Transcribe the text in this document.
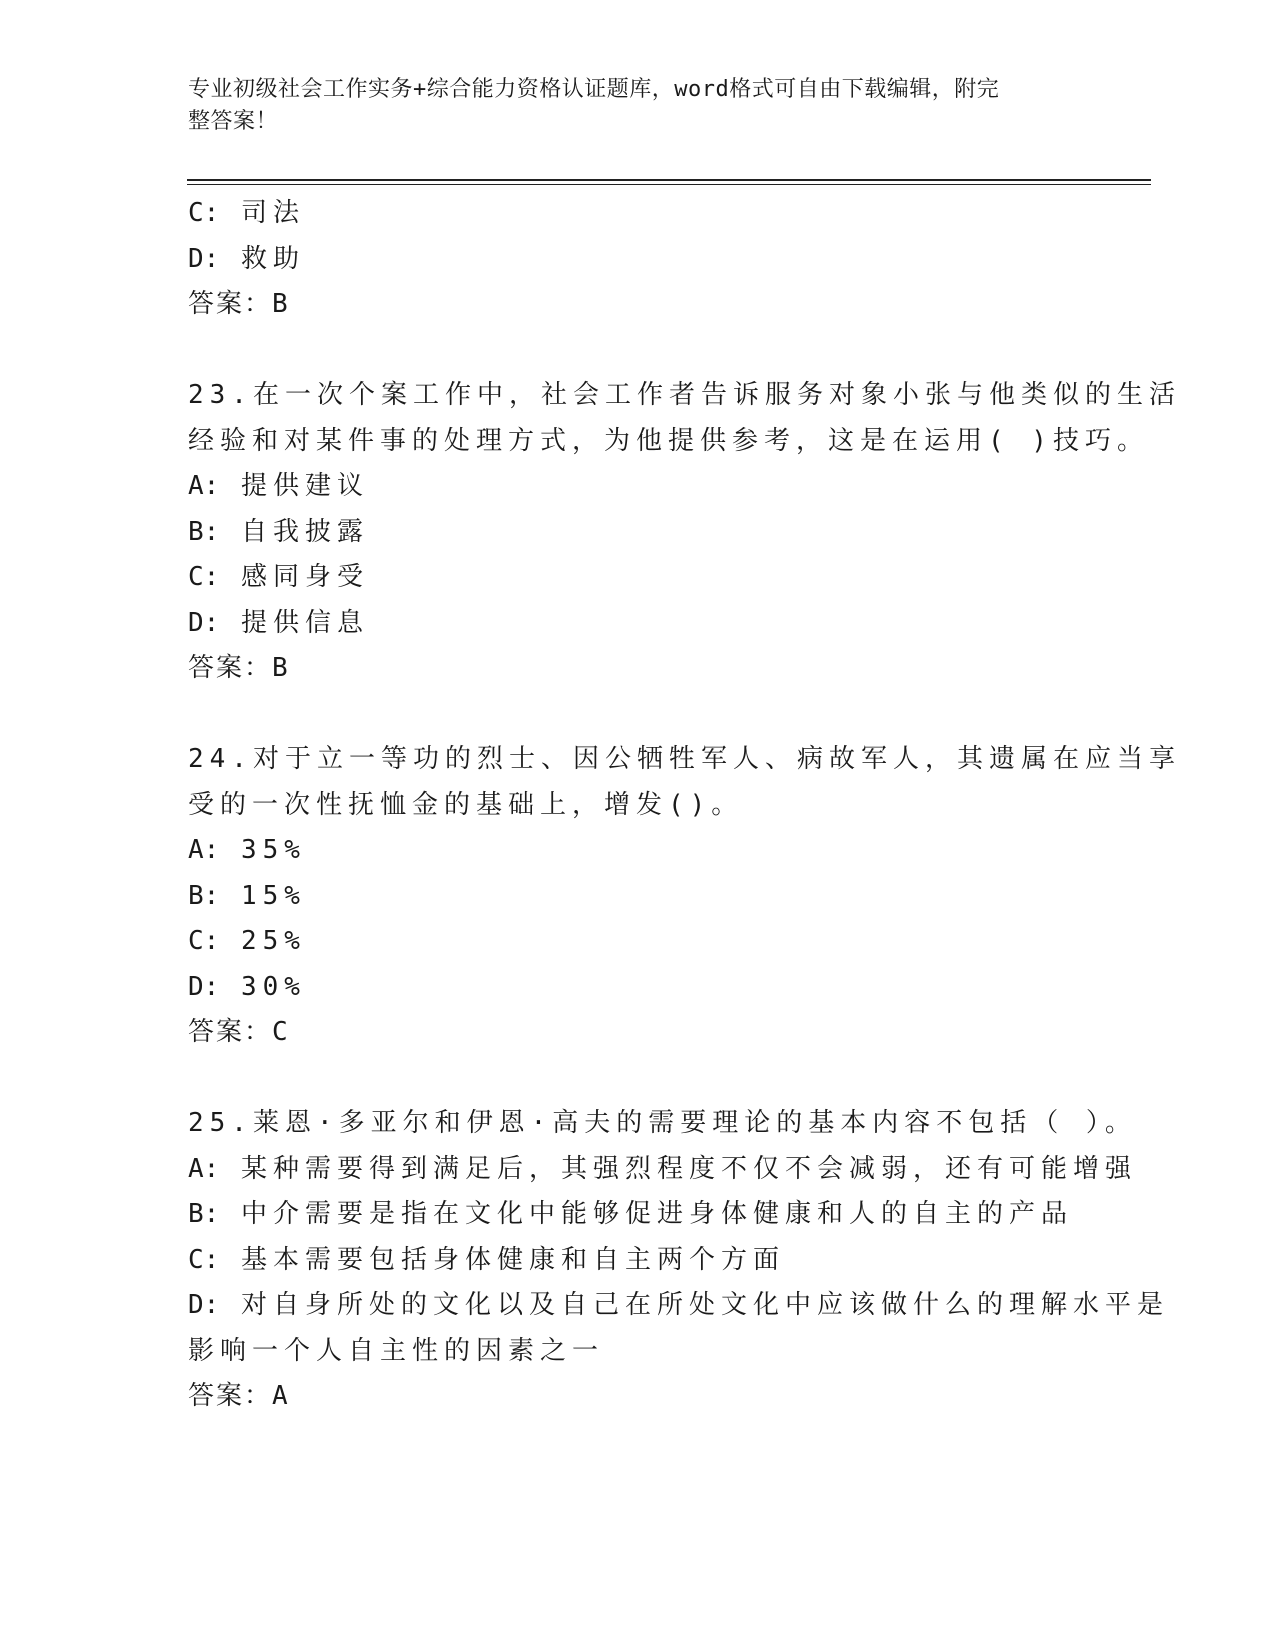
专业初级社会工作实务+综合能力资格认证题库，word格式可自由下载编辑，附完
整答案！
C: 司法
D: 救助
答案：B
23.在一次个案工作中，社会工作者告诉服务对象小张与他类似的生活
经验和对某件事的处理方式，为他提供参考，这是在运用( )技巧。
A: 提供建议
B: 自我披露
C: 感同身受
D: 提供信息
答案：B
24.对于立一等功的烈士、因公牺牲军人、病故军人，其遗属在应当享
受的一次性抚恤金的基础上，增发()。
A: 35%
B: 15%
C: 25%
D: 30%
答案：C
25.莱恩·多亚尔和伊恩·高夫的需要理论的基本内容不包括（ ）。
A: 某种需要得到满足后，其强烈程度不仅不会减弱，还有可能增强
B: 中介需要是指在文化中能够促进身体健康和人的自主的产品
C: 基本需要包括身体健康和自主两个方面
D: 对自身所处的文化以及自己在所处文化中应该做什么的理解水平是
影响一个人自主性的因素之一
答案：A
